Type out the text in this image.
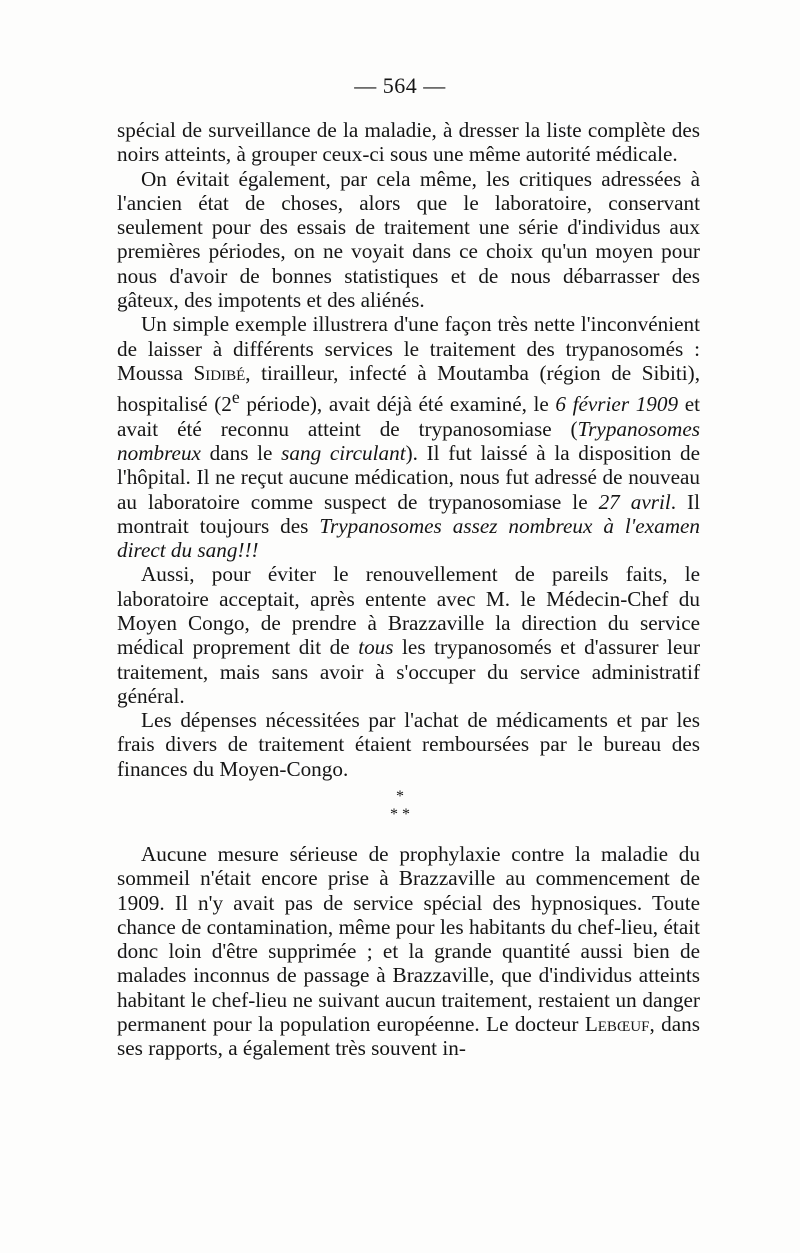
— 564 —

spécial de surveillance de la maladie, à dresser la liste complète des noirs atteints, à grouper ceux-ci sous une même autorité médicale.

On évitait également, par cela même, les critiques adressées à l'ancien état de choses, alors que le laboratoire, conservant seulement pour des essais de traitement une série d'individus aux premières périodes, on ne voyait dans ce choix qu'un moyen pour nous d'avoir de bonnes statistiques et de nous débarrasser des gâteux, des impotents et des aliénés.

Un simple exemple illustrera d'une façon très nette l'inconvénient de laisser à différents services le traitement des trypanosomés : Moussa Sidibé, tirailleur, infecté à Moutamba (région de Sibiti), hospitalisé (2e période), avait déjà été examiné, le 6 février 1909 et avait été reconnu atteint de trypanosomiase (Trypanosomes nombreux dans le sang circulant). Il fut laissé à la disposition de l'hôpital. Il ne reçut aucune médication, nous fut adressé de nouveau au laboratoire comme suspect de trypanosomiase le 27 avril. Il montrait toujours des Trypanosomes assez nombreux à l'examen direct du sang!!!

Aussi, pour éviter le renouvellement de pareils faits, le laboratoire acceptait, après entente avec M. le Médecin-Chef du Moyen Congo, de prendre à Brazzaville la direction du service médical proprement dit de tous les trypanosomés et d'assurer leur traitement, mais sans avoir à s'occuper du service administratif général.

Les dépenses nécessitées par l'achat de médicaments et par les frais divers de traitement étaient remboursées par le bureau des finances du Moyen-Congo.

*
* *

Aucune mesure sérieuse de prophylaxie contre la maladie du sommeil n'était encore prise à Brazzaville au commencement de 1909. Il n'y avait pas de service spécial des hypnosiques. Toute chance de contamination, même pour les habitants du chef-lieu, était donc loin d'être supprimée ; et la grande quantité aussi bien de malades inconnus de passage à Brazzaville, que d'individus atteints habitant le chef-lieu ne suivant aucun traitement, restaient un danger permanent pour la population européenne. Le docteur Lebœuf, dans ses rapports, a également très souvent in-
